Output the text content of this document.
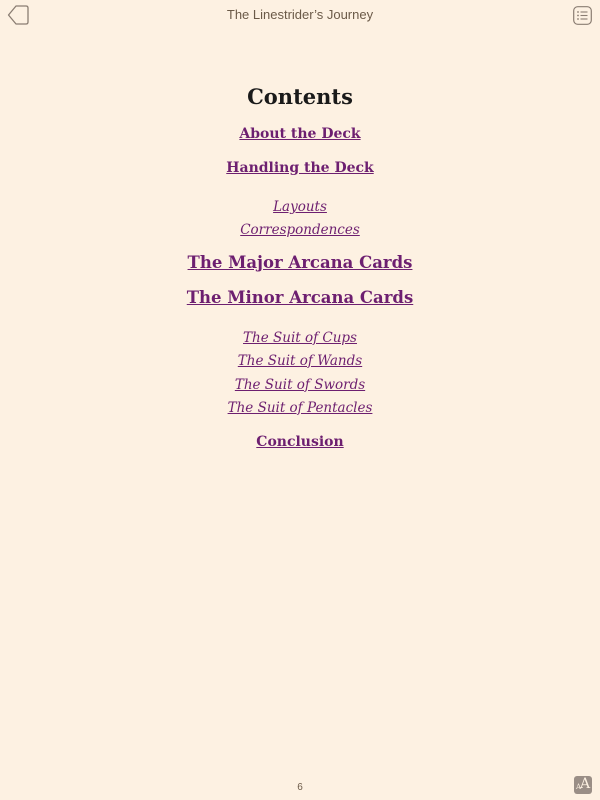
The Linestrider’s Journey
Contents
About the Deck
Handling the Deck
Layouts
Correspondences
The Major Arcana Cards
The Minor Arcana Cards
The Suit of Cups
The Suit of Wands
The Suit of Swords
The Suit of Pentacles
Conclusion
6	A
A
